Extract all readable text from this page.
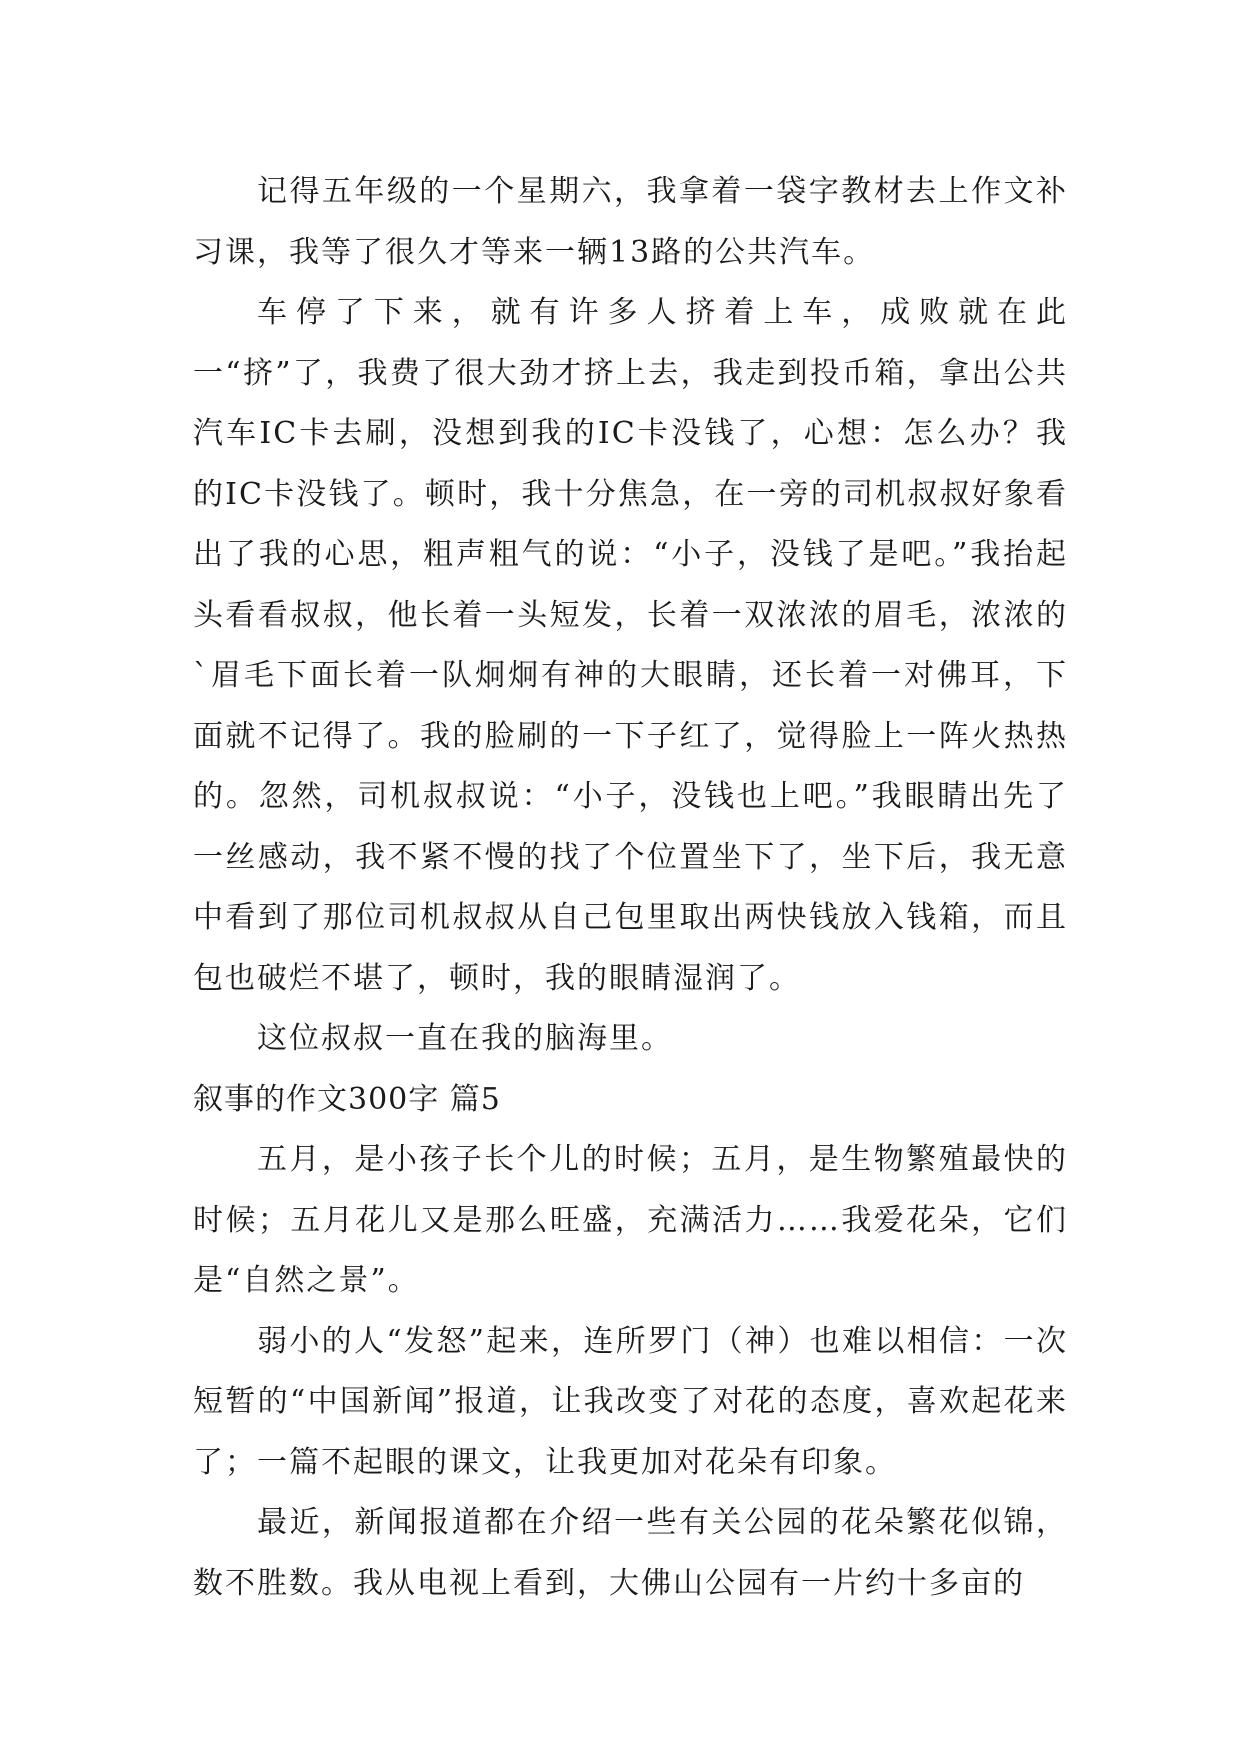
记得五年级的一个星期六，我拿着一袋字教材去上作文补习课，我等了很久才等来一辆13路的公共汽车。

车停了下来，就有许多人挤着上车，成败就在此一“挤”了，我费了很大劲才挤上去，我走到投币箱，拿出公共汽车IC卡去刷，没想到我的IC卡没钱了，心想：怎么办？我的IC卡没钱了。顿时，我十分焦急，在一旁的司机叔叔好象看出了我的心思，粗声粗气的说：“小子，没钱了是吧。”我抬起头看看叔叔，他长着一头短发，长着一双浓浓的眉毛，浓浓的`眉毛下面长着一队炯炯有神的大眼睛，还长着一对佛耳，下面就不记得了。我的脸刷的一下子红了，觉得脸上一阵火热热的。忽然，司机叔叔说：“小子，没钱也上吧。”我眼睛出先了一丝感动，我不紧不慢的找了个位置坐下了，坐下后，我无意中看到了那位司机叔叔从自己包里取出两快钱放入钱箱，而且包也破烂不堪了，顿时，我的眼睛湿润了。

这位叔叔一直在我的脑海里。

叙事的作文300字 篇5

五月，是小孩子长个儿的时候；五月，是生物繁殖最快的时候；五月花儿又是那么旺盛，充满活力……我爱花朵，它们是“自然之景”。

弱小的人“发怒”起来，连所罗门（神）也难以相信：一次短暂的“中国新闻”报道，让我改变了对花的态度，喜欢起花来了；一篇不起眼的课文，让我更加对花朵有印象。

最近，新闻报道都在介绍一些有关公园的花朵繁花似锦，数不胜数。我从电视上看到，大佛山公园有一片约十多亩的
